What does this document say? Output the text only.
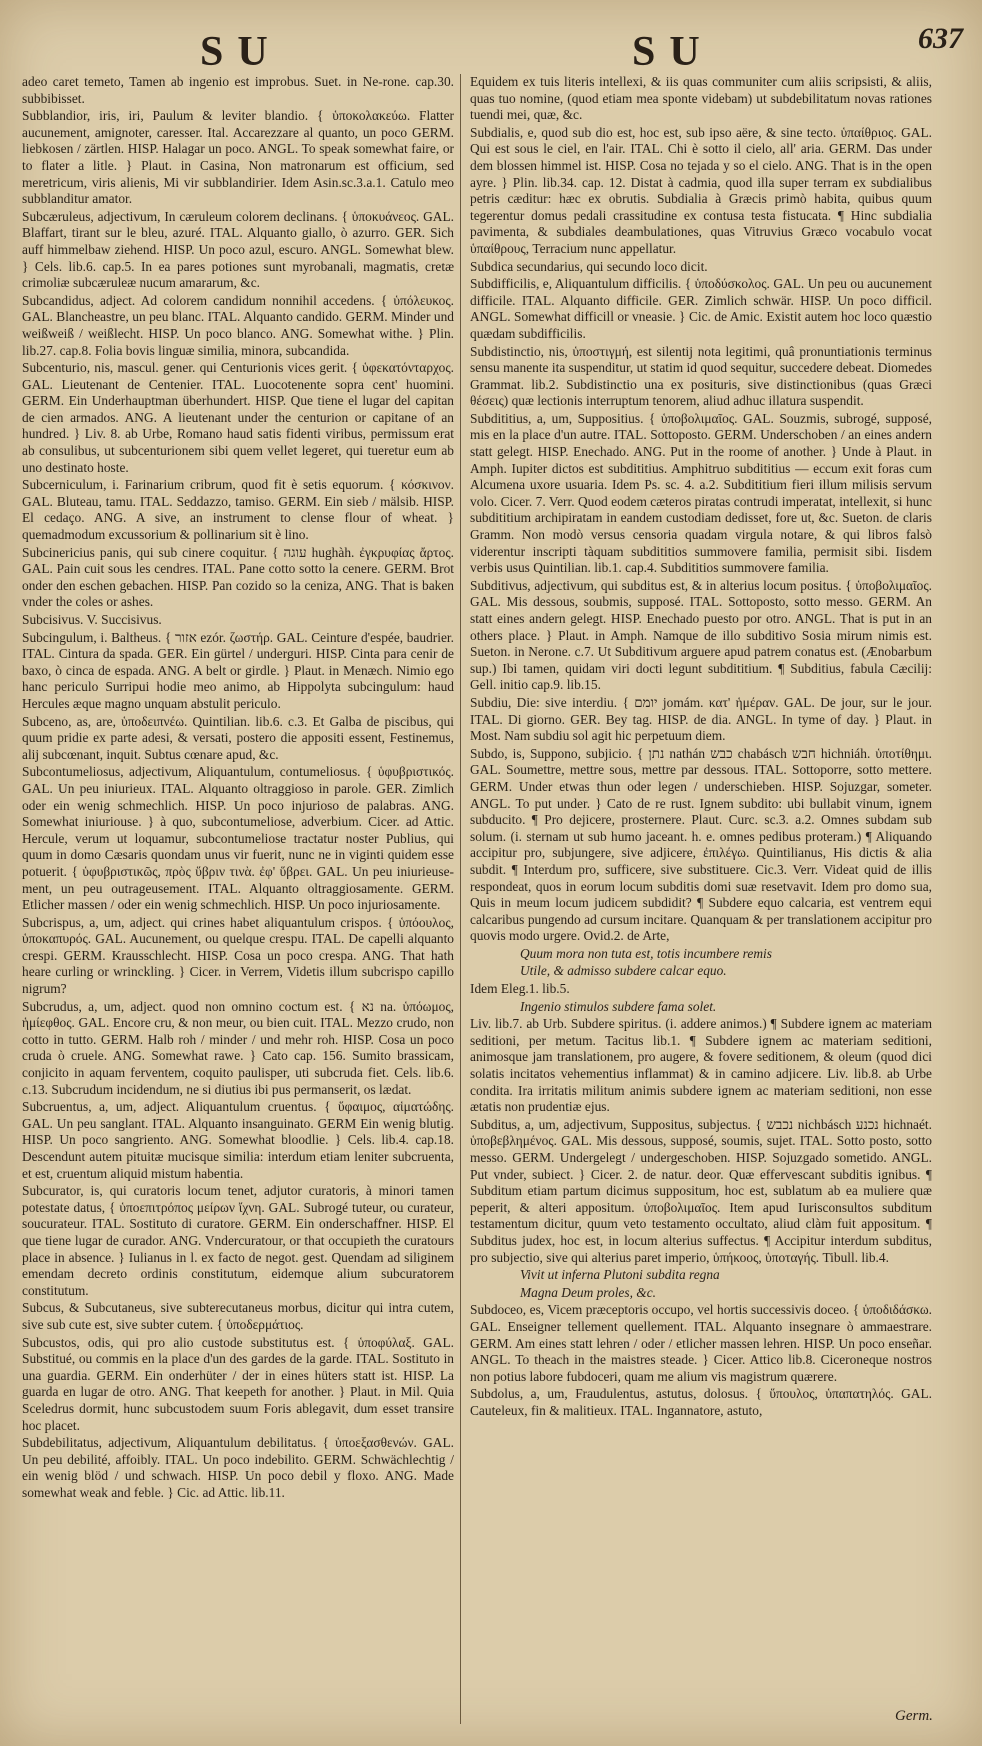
SU	SU	637

adeo caret temeto, Tamen ab ingenio est improbus. Suet. in Ne-rone. cap.30. subbibisset.

Subblandior, iris, iri, Paulum & leviter blandio. { ὑποκολακεύω. Flatter aucunement, amignoter, caresser. Ital. Accarezzare al quanto, un poco GERM. liebkosen / zärtlen. HISP. Halagar un poco. ANGL. To speak somewhat faire, or to flater a litle. } Plaut. in Casina, Non matronarum est officium, sed meretricum, viris alienis, Mi vir subblandirier. Idem Asin.sc.3.a.1. Catulo meo subblanditur amator.

Subcæruleus, adjectivum, In cæruleum colorem declinans. { ὑποκυάνεος. GAL. Blaffart, tirant sur le bleu, azuré. ITAL. Alquanto giallo, ò azurro. GER. Sich auff himmelbaw ziehend. HISP. Un poco azul, escuro. ANGL. Somewhat blew. } Cels. lib.6. cap.5. In ea pares potiones sunt myrobanali, magmatis, cretæ crimoliæ subcæruleæ nucum amararum, &c.

Subcandidus, adject. Ad colorem candidum nonnihil accedens. { ὑπόλευκος. GAL. Blancheastre, un peu blanc. ITAL. Alquanto candido. GERM. Minder und weißweiß / weißlecht. HISP. Un poco blanco. ANG. Somewhat withe. } Plin. lib.27. cap.8. Folia bovis linguæ similia, minora, subcandida.

Subcenturio, nis, mascul. gener. qui Centurionis vices gerit. { ὑφεκατόνταρχος. GAL. Lieutenant de Centenier. ITAL. Luocotenente sopra cent' huomini. GERM. Ein Underhauptman überhundert. HISP. Que tiene el lugar del capitan de cien armados. ANG. A lieutenant under the centurion or capitane of an hundred. } Liv. 8. ab Urbe, Romano haud satis fidenti viribus, permissum erat ab consulibus, ut subcenturionem sibi quem vellet legeret, qui tueretur eum ab uno destinato hoste.

Subcerniculum, i. Farinarium cribrum, quod fit è setis equorum. { κόσκινον. GAL. Bluteau, tamu. ITAL. Seddazzo, tamiso. GERM. Ein sieb / mälsib. HISP. El cedaço. ANG. A sive, an instrument to clense flour of wheat. } quemadmodum excussorium & pollinarium sit è lino.

Subcinericius panis, qui sub cinere coquitur. { עוגה hughàh. ἐγκρυφίας ἄρτος. GAL. Pain cuit sous les cendres. ITAL. Pane cotto sotto la cenere. GERM. Brot onder den eschen gebachen. HISP. Pan cozido so la ceniza, ANG. That is baken vnder the coles or ashes.

Subcisivus. V. Succisivus.

Subcingulum, i. Baltheus. { אזור ezór. ζωστήρ. GAL. Ceinture d'espée, baudrier. ITAL. Cintura da spada. GER. Ein gürtel / underguri. HISP. Cinta para cenir de baxo, ò cinca de espada. ANG. A belt or girdle. } Plaut. in Menæch. Nimio ego hanc periculo Surripui hodie meo animo, ab Hippolyta subcingulum: haud Hercules æque magno unquam abstulit periculo.

Subceno, as, are, ὑποδειπνέω. Quintilian. lib.6. c.3. Et Galba de piscibus, qui quum pridie ex parte adesi, & versati, postero die appositi essent, Festinemus, alij subcœnant, inquit. Subtus cœnare apud, &c.

Subcontumeliosus, adjectivum, Aliquantulum, contumeliosus. { ὑφυβριστικός. GAL. Un peu iniurieux. ITAL. Alquanto oltraggioso in parole. GER. Zimlich oder ein wenig schmechlich. HISP. Un poco injurioso de palabras. ANG. Somewhat iniuriouse. } à quo, subcontumeliose, adverbium. Cicer. ad Attic. Hercule, verum ut loquamur, subcontumeliose tractatur noster Publius, qui quum in domo Cæsaris quondam unus vir fuerit, nunc ne in viginti quidem esse potuerit. { ὑφυβριστικῶς, πρὸς ὕβριν τινὰ. ἐφ' ὕβρει. GAL. Un peu iniurieuse-ment, un peu outrageusement. ITAL. Alquanto oltraggiosamente. GERM. Etlicher massen / oder ein wenig schmechlich. HISP. Un poco injuriosamente.

Subcrispus, a, um, adject. qui crines habet aliquantulum crispos. { ὑπόουλος, ὑποκαπυρός. GAL. Aucunement, ou quelque crespu. ITAL. De capelli alquanto crespi. GERM. Krausschlecht. HISP. Cosa un poco crespa. ANG. That hath heare curling or wrinckling. } Cicer. in Verrem, Videtis illum subcrispo capillo nigrum?

Subcrudus, a, um, adject. quod non omnino coctum est. { נא na. ὑπόωμος, ἡμίεφθος. GAL. Encore cru, & non meur, ou bien cuit. ITAL. Mezzo crudo, non cotto in tutto. GERM. Halb roh / minder / und mehr roh. HISP. Cosa un poco cruda ò cruele. ANG. Somewhat rawe. } Cato cap. 156. Sumito brassicam, conjicito in aquam ferventem, coquito paulisper, uti subcruda fiet. Cels. lib.6. c.13. Subcrudum incidendum, ne si diutius ibi pus permanserit, os lædat.

Subcruentus, a, um, adject. Aliquantulum cruentus. { ὕφαιμος, αἱματώδης. GAL. Un peu sanglant. ITAL. Alquanto insanguinato. GERM Ein wenig blutig. HISP. Un poco sangriento. ANG. Somewhat bloodlie. } Cels. lib.4. cap.18. Descendunt autem pituitæ mucisque similia: interdum etiam leniter subcruenta, et est, cruentum aliquid mistum habentia.

Subcurator, is, qui curatoris locum tenet, adjutor curatoris, à minori tamen potestate datus, { ὑποεπιτρόπος μείρων ἴχνη. GAL. Subrogé tuteur, ou curateur, soucurateur. ITAL. Sostituto di curatore. GERM. Ein onderschaffner. HISP. El que tiene lugar de curador. ANG. Vndercuratour, or that occupieth the curatours place in absence. } Iulianus in l. ex facto de negot. gest. Quendam ad siliginem emendam decreto ordinis constitutum, eidemque alium subcuratorem constitutum.

Subcus, & Subcutaneus, sive subterecutaneus morbus, dicitur qui intra cutem, sive sub cute est, sive subter cutem. { ὑποδερμάτιος.

Subcustos, odis, qui pro alio custode substitutus est. { ὑποφύλαξ. GAL. Substitué, ou commis en la place d'un des gardes de la garde. ITAL. Sostituto in una guardia. GERM. Ein onderhüter / der in eines hüters statt ist. HISP. La guarda en lugar de otro. ANG. That keepeth for another. } Plaut. in Mil. Quia Sceledrus dormit, hunc subcustodem suum Foris ablegavit, dum esset transire hoc placet.

Subdebilitatus, adjectivum, Aliquantulum debilitatus. { ὑποεξασθενών. GAL. Un peu debilité, affoibly. ITAL. Un poco indebilito. GERM. Schwächlechtig / ein wenig blöd / und schwach. HISP. Un poco debil y floxo. ANG. Made somewhat weak and feble. } Cic. ad Attic. lib.11.

Equidem ex tuis literis intellexi, & iis quas communiter cum aliis scripsisti, & aliis, quas tuo nomine, (quod etiam mea sponte videbam) ut subdebilitatum novas rationes tuendi mei, quæ, &c.

Subdialis, e, quod sub dio est, hoc est, sub ipso aëre, & sine tecto. ὑπαίθριος. GAL. Qui est sous le ciel, en l'air. ITAL. Chi è sotto il cielo, all' aria. GERM. Das under dem blossen himmel ist. HISP. Cosa no tejada y so el cielo. ANG. That is in the open ayre. } Plin. lib.34. cap. 12. Distat à cadmia, quod illa super terram ex subdialibus petris cæditur: hæc ex obrutis. Subdialia à Græcis primò habita, quibus quum tegerentur domus pedali crassitudine ex contusa testa fistucata. ¶ Hinc subdialia pavimenta, & subdiales deambulationes, quas Vitruvius Græco vocabulo vocat ὑπαίθρους, Terracium nunc appellatur.

Subdica secundarius, qui secundo loco dicit.

Subdifficilis, e, Aliquantulum difficilis. { ὑποδύσκολος. GAL. Un peu ou aucunement difficile. ITAL. Alquanto difficile. GER. Zimlich schwär. HISP. Un poco difficil. ANGL. Somewhat difficill or vneasie. } Cic. de Amic. Existit autem hoc loco quæstio quædam subdifficilis.

Subdistinctio, nis, ὑποστιγμή, est silentij nota legitimi, quâ pronuntiationis terminus sensu manente ita suspenditur, ut statim id quod sequitur, succedere debeat. Diomedes Grammat. lib.2. Subdistinctio una ex posituris, sive distinctionibus (quas Græci θέσεις) quæ lectionis interruptum tenorem, aliud adhuc illatura suspendit.

Subdititius, a, um, Suppositius. { ὑποβολιμαῖος. GAL. Souzmis, subrogé, supposé, mis en la place d'un autre. ITAL. Sottoposto. GERM. Underschoben / an eines andern statt gelegt. HISP. Enechado. ANG. Put in the roome of another. } Unde à Plaut. in Amph. Iupiter dictos est subdititius. Amphitruo subdititius — eccum exit foras cum Alcumena uxore usuaria. Idem Ps. sc. 4. a.2. Subdititium fieri illum milisis servum volo. Cicer. 7. Verr. Quod eodem cæteros piratas contrudi imperatat, intellexit, si hunc subdititium archipiratam in eandem custodiam dedisset, fore ut, &c. Sueton. de claris Gramm. Non modò versus censoria quadam virgula notare, & qui libros falsò viderentur inscripti tàquam subdititios summovere familia, permisit sibi. Iisdem verbis usus Quintilian. lib.1. cap.4. Subdititios summovere familia.

Subditivus, adjectivum, qui subditus est, & in alterius locum positus. { ὑποβολιμαῖος. GAL. Mis dessous, soubmis, supposé. ITAL. Sottoposto, sotto messo. GERM. An statt eines andern gelegt. HISP. Enechado puesto por otro. ANGL. That is put in an others place. } Plaut. in Amph. Namque de illo subditivo Sosia mirum nimis est. Sueton. in Nerone. c.7. Ut Subditivum arguere apud patrem conatus est. (Ænobarbum sup.) Ibi tamen, quidam viri docti legunt subdititium. ¶ Subditius, fabula Cæcilij: Gell. initio cap.9. lib.15.

Subdiu, Die: sive interdiu. { יומם jomám. κατ' ἡμέραν. GAL. De jour, sur le jour. ITAL. Di giorno. GER. Bey tag. HISP. de dia. ANGL. In tyme of day. } Plaut. in Most. Nam subdiu sol agit hic perpetuum diem.

Subdo, is, Suppono, subjicio. { נתן nathán כבש chabásch חבש hichniáh. ὑποτίθημι. GAL. Soumettre, mettre sous, mettre par dessous. ITAL. Sottoporre, sotto mettere. GERM. Under etwas thun oder legen / underschieben. HISP. Sojuzgar, someter. ANGL. To put under. } Cato de re rust. Ignem subdito: ubi bullabit vinum, ignem subducito. ¶ Pro dejicere, prosternere. Plaut. Curc. sc.3. a.2. Omnes subdam sub solum. (i. sternam ut sub humo jaceant. h. e. omnes pedibus proteram.) ¶ Aliquando accipitur pro, subjungere, sive adjicere, ἐπιλέγω. Quintilianus, His dictis & alia subdit. ¶ Interdum pro, sufficere, sive substituere. Cic.3. Verr. Videat quid de illis respondeat, quos in eorum locum subditis domi suæ resetvavit. Idem pro domo sua, Quis in meum locum judicem subdidit? ¶ Subdere equo calcaria, est ventrem equi calcaribus pungendo ad cursum incitare. Quanquam & per translationem accipitur pro quovis modo urgere. Ovid.2. de Arte,

Quum mora non tuta est, totis incumbere remis

Utile, & admisso subdere calcar equo.

Idem Eleg.1. lib.5.

Ingenio stimulos subdere fama solet.

Liv. lib.7. ab Urb. Subdere spiritus. (i. addere animos.) ¶ Subdere ignem ac materiam seditioni, per metum. Tacitus lib.1. ¶ Subdere ignem ac materiam seditioni, animosque jam translationem, pro augere, & fovere seditionem, & oleum (quod dici solatis incitatos vehementius inflammat) & in camino adjicere. Liv. lib.8. ab Urbe condita. Ira irritatis militum animis subdere ignem ac materiam seditioni, non esse ætatis non prudentiæ ejus.

Subditus, a, um, adjectivum, Suppositus, subjectus. { נכבש nichbásch נכנע hichnaét. ὑποβεβλημένος. GAL. Mis dessous, supposé, soumis, sujet. ITAL. Sotto posto, sotto messo. GERM. Undergelegt / undergeschoben. HISP. Sojuzgado sometido. ANGL. Put vnder, subiect. } Cicer. 2. de natur. deor. Quæ effervescant subditis ignibus. ¶ Subditum etiam partum dicimus suppositum, hoc est, sublatum ab ea muliere quæ peperit, & alteri appositum. ὑποβολιμαῖος. Item apud Iurisconsultos subditum testamentum dicitur, quum veto testamento occultato, aliud clàm fuit appositum. ¶ Subditus judex, hoc est, in locum alterius suffectus. ¶ Accipitur interdum subditus, pro subjectio, sive qui alterius paret imperio, ὑπήκοος, ὑποταγής. Tibull. lib.4.

Vivit ut inferna Plutoni subdita regna

Magna Deum proles, &c.

Subdoceo, es, Vicem præceptoris occupo, vel hortis successivis doceo. { ὑποδιδάσκω. GAL. Enseigner tellement quellement. ITAL. Alquanto insegnare ò ammaestrare. GERM. Am eines statt lehren / oder / etlicher massen lehren. HISP. Un poco enseñar. ANGL. To theach in the maistres steade. } Cicer. Attico lib.8. Ciceroneque nostros non potius labore fubdoceri, quam me alium vis magistrum quærere.

Subdolus, a, um, Fraudulentus, astutus, dolosus. { ὕπουλος, ὑπαπατηλός. GAL. Cauteleux, fin & malitieux. ITAL. Ingannatore, astuto,

Germ.
